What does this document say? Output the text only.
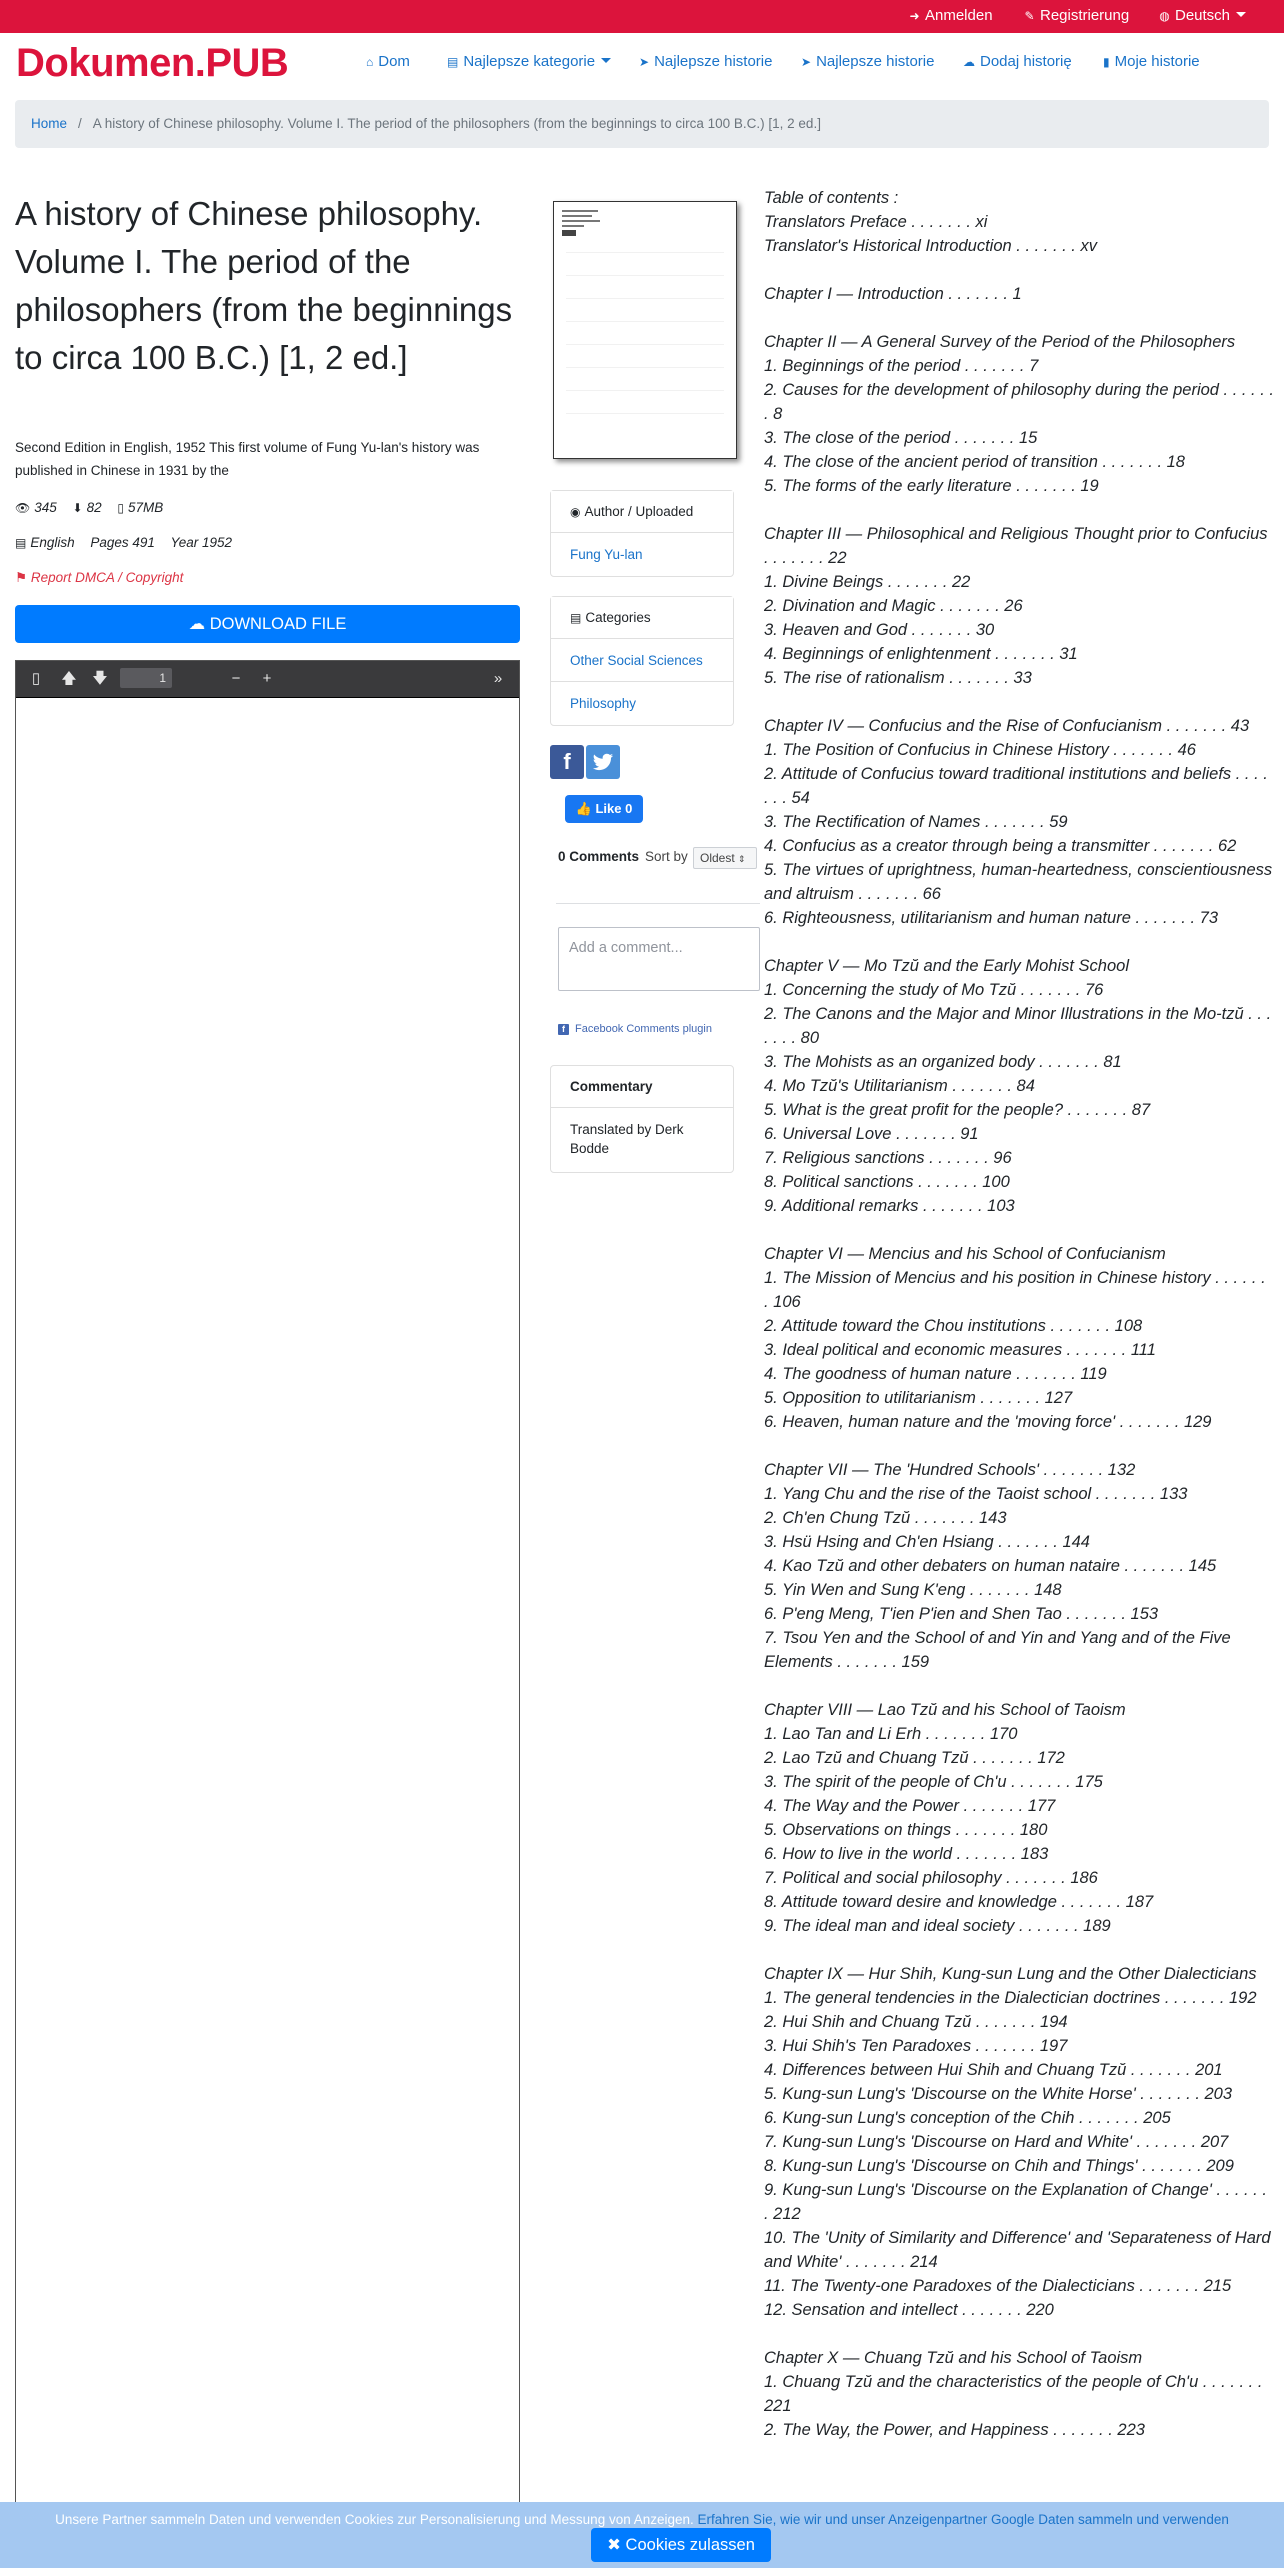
➜ Anmelden	✎ Registrierung	◍ Deutsch
Dokumen.PUB	⌂ Dom	▤ Najlepsze kategorie	➤ Najlepsze historie ➤ Najlepsze historie ☁ Dodaj historię	▮ Moje historie
Home / A history of Chinese philosophy. Volume I. The period of the philosophers (from the beginnings to circa 100 B.C.) [1, 2 ed.]
A history of Chinese philosophy. Volume I. The period of the philosophers (from the beginnings to circa 100 B.C.) [1, 2 ed.]

Second Edition in English, 1952 This first volume of Fung Yu-lan's history was published in Chinese in 1931 by the

👁 345 ⬇ 82 ▯ 57MB
▤ English Pages 491 Year 1952
⚑ Report DMCA / Copyright
☁ DOWNLOAD FILE
▯	🡅 🡇	1	−	+	»
◉ Author / Uploaded
Fung Yu-lan
▤ Categories
Other Social Sciences
Philosophy
f
👍 Like 0
0 Comments Sort by	Oldest ⇕
Add a comment...
f Facebook Comments plugin
Commentary
Translated by Derk Bodde
Table of contents :
Translators Preface . . . . . . . xi
Translator's Historical Introduction . . . . . . . xv
Chapter I — Introduction . . . . . . . 1
Chapter II — A General Survey of the Period of the Philosophers
1. Beginnings of the period . . . . . . . 7
2. Causes for the development of philosophy during the period . . . . . . . 8
3. The close of the period . . . . . . . 15
4. The close of the ancient period of transition . . . . . . . 18
5. The forms of the early literature . . . . . . . 19
Chapter III — Philosophical and Religious Thought prior to Confucius . . . . . . . 22
1. Divine Beings . . . . . . . 22
2. Divination and Magic . . . . . . . 26
3. Heaven and God . . . . . . . 30
4. Beginnings of enlightenment . . . . . . . 31
5. The rise of rationalism . . . . . . . 33
Chapter IV — Confucius and the Rise of Confucianism . . . . . . . 43
1. The Position of Confucius in Chinese History . . . . . . . 46
2. Attitude of Confucius toward traditional institutions and beliefs . . . . . . . 54
3. The Rectification of Names . . . . . . . 59
4. Confucius as a creator through being a transmitter . . . . . . . 62
5. The virtues of uprightness, human-heartedness, conscientiousness and altruism . . . . . . . 66
6. Righteousness, utilitarianism and human nature . . . . . . . 73
Chapter V — Mo Tzŭ and the Early Mohist School
1. Concerning the study of Mo Tzŭ . . . . . . . 76
2. The Canons and the Major and Minor Illustrations in the Mo-tzŭ . . . . . . . 80
3. The Mohists as an organized body . . . . . . . 81
4. Mo Tzŭ's Utilitarianism . . . . . . . 84
5. What is the great profit for the people? . . . . . . . 87
6. Universal Love . . . . . . . 91
7. Religious sanctions . . . . . . . 96
8. Political sanctions . . . . . . . 100
9. Additional remarks . . . . . . . 103
Chapter VI — Mencius and his School of Confucianism
1. The Mission of Mencius and his position in Chinese history . . . . . . . 106
2. Attitude toward the Chou institutions . . . . . . . 108
3. Ideal political and economic measures . . . . . . . 111
4. The goodness of human nature . . . . . . . 119
5. Opposition to utilitarianism . . . . . . . 127
6. Heaven, human nature and the 'moving force' . . . . . . . 129
Chapter VII — The 'Hundred Schools' . . . . . . . 132
1. Yang Chu and the rise of the Taoist school . . . . . . . 133
2. Ch'en Chung Tzŭ . . . . . . . 143
3. Hsü Hsing and Ch'en Hsiang . . . . . . . 144
4. Kao Tzŭ and other debaters on human nataire . . . . . . . 145
5. Yin Wen and Sung K'eng . . . . . . . 148
6. P'eng Meng, T'ien P'ien and Shen Tao . . . . . . . 153
7. Tsou Yen and the School of and Yin and Yang and of the Five Elements . . . . . . . 159
Chapter VIII — Lao Tzŭ and his School of Taoism
1. Lao Tan and Li Erh . . . . . . . 170
2. Lao Tzŭ and Chuang Tzŭ . . . . . . . 172
3. The spirit of the people of Ch'u . . . . . . . 175
4. The Way and the Power . . . . . . . 177
5. Observations on things . . . . . . . 180
6. How to live in the world . . . . . . . 183
7. Political and social philosophy . . . . . . . 186
8. Attitude toward desire and knowledge . . . . . . . 187
9. The ideal man and ideal society . . . . . . . 189
Chapter IX — Hur Shih, Kung-sun Lung and the Other Dialecticians
1. The general tendencies in the Dialectician doctrines . . . . . . . 192
2. Hui Shih and Chuang Tzŭ . . . . . . . 194
3. Hui Shih's Ten Paradoxes . . . . . . . 197
4. Differences between Hui Shih and Chuang Tzŭ . . . . . . . 201
5. Kung-sun Lung's 'Discourse on the White Horse' . . . . . . . 203
6. Kung-sun Lung's conception of the Chih . . . . . . . 205
7. Kung-sun Lung's 'Discourse on Hard and White' . . . . . . . 207
8. Kung-sun Lung's 'Discourse on Chih and Things' . . . . . . . 209
9. Kung-sun Lung's 'Discourse on the Explanation of Change' . . . . . . . 212
10. The 'Unity of Similarity and Difference' and 'Separateness of Hard and White' . . . . . . . 214
11. The Twenty-one Paradoxes of the Dialecticians . . . . . . . 215
12. Sensation and intellect . . . . . . . 220
Chapter X — Chuang Tzŭ and his School of Taoism
1. Chuang Tzŭ and the characteristics of the people of Ch'u . . . . . . . 221
2. The Way, the Power, and Happiness . . . . . . . 223
Unsere Partner sammeln Daten und verwenden Cookies zur Personalisierung und Messung von Anzeigen. Erfahren Sie, wie wir und unser Anzeigenpartner Google Daten sammeln und verwenden
✖ Cookies zulassen
